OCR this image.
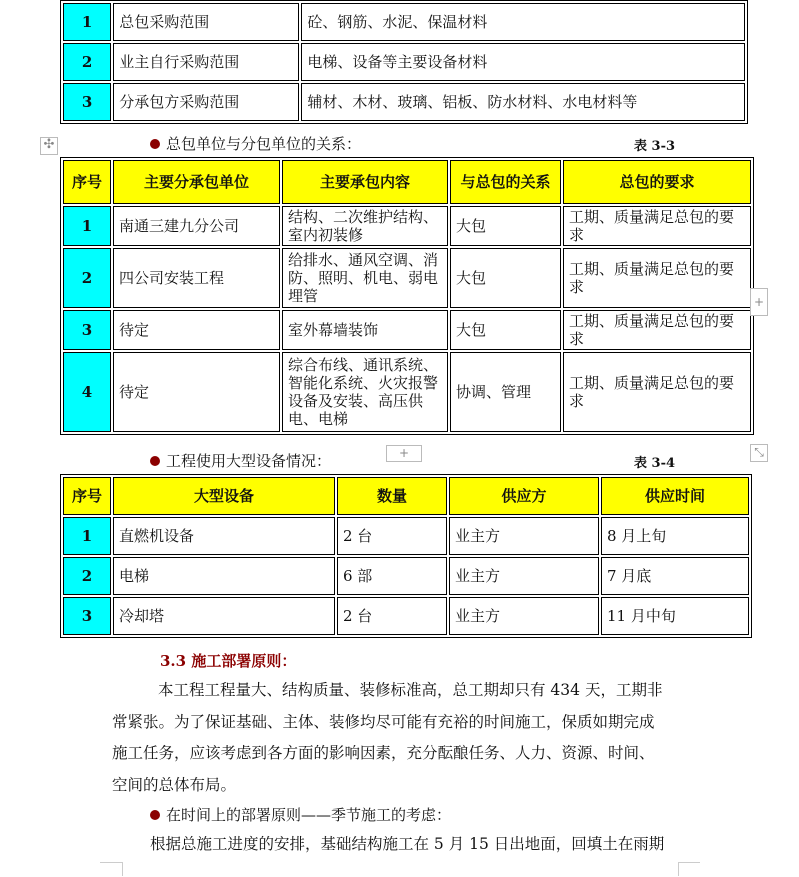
1	总包采购范围	砼、钢筋、水泥、保温材料
2	业主自行采购范围	电梯、设备等主要设备材料
3	分承包方采购范围	辅材、木材、玻璃、铝板、防水材料、水电材料等
✣	总包单位与分包单位的关系：	表 3-3
序号	主要分承包单位	主要承包内容	与总包的关系	总包的要求
1	南通三建九分公司	结构、二次维护结构、室内初装修	大包	工期、质量满足总包的要求
2	四公司安装工程	给排水、通风空调、消防、照明、机电、弱电埋管	大包	工期、质量满足总包的要求
3	待定	室外幕墙装饰	大包	工期、质量满足总包的要求
4	待定	综合布线、通讯系统、智能化系统、火灾报警设备及安装、高压供电、电梯	协调、管理	工期、质量满足总包的要求
+
+	⤡
工程使用大型设备情况：	表 3-4
序号	大型设备	数量	供应方	供应时间
1	直燃机设备	2 台	业主方	8 月上旬
2	电梯	6 部	业主方	7 月底
3	冷却塔	2 台	业主方	11 月中旬
3.3 施工部署原则：
本工程工程量大、结构质量、装修标准高，总工期却只有 434 天，工期非
常紧张。为了保证基础、主体、装修均尽可能有充裕的时间施工，保质如期完成
施工任务，应该考虑到各方面的影响因素，充分酝酿任务、人力、资源、时间、
空间的总体布局。
在时间上的部署原则——季节施工的考虑：
根据总施工进度的安排，基础结构施工在 5 月 15 日出地面，回填土在雨期
